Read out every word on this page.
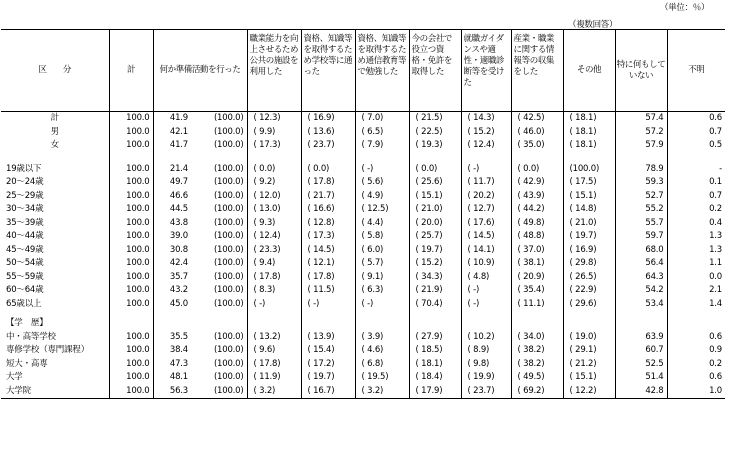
（単位：％）
（複数回答）
区　　分	計	何か準備活動を行った		職業能力を向上させるため公共の施設を利用した	資格、知識等を取得するため学校等に通った	資格、知識等を取得するため通信教育等で勉強した	今の会社で役立つ資格・免許を取得した	就職ガイダンスや適性・適職診断等を受けた	産業・職業に関する情報等の収集をした	その他	特に何もしていない	不明
計	100.0	41.9	(100.0)	( 12.3)	( 16.9)	( 7.0)	( 21.5)	( 14.3)	( 42.5)	( 18.1)	57.4	0.6
男	100.0	42.1	(100.0)	( 9.9)	( 13.6)	( 6.5)	( 22.5)	( 15.2)	( 46.0)	( 18.1)	57.2	0.7
女	100.0	41.7	(100.0)	( 17.3)	( 23.7)	( 7.9)	( 19.3)	( 12.4)	( 35.0)	( 18.1)	57.9	0.5

19歳以下	100.0	21.4	(100.0)	( 0.0)	( 0.0)	( -)	( 0.0)	( -)	( 0.0)	(100.0)	78.9	-
20～24歳	100.0	49.7	(100.0)	( 9.2)	( 17.8)	( 5.6)	( 25.6)	( 11.7)	( 42.9)	( 17.5)	59.3	0.1
25～29歳	100.0	46.6	(100.0)	( 12.0)	( 21.7)	( 4.9)	( 15.1)	( 20.2)	( 43.9)	( 15.1)	52.7	0.7
30～34歳	100.0	44.5	(100.0)	( 13.0)	( 16.6)	( 12.5)	( 21.0)	( 12.7)	( 44.2)	( 14.8)	55.2	0.2
35～39歳	100.0	43.8	(100.0)	( 9.3)	( 12.8)	( 4.4)	( 20.0)	( 17.6)	( 49.8)	( 21.0)	55.7	0.4
40～44歳	100.0	39.0	(100.0)	( 12.4)	( 17.3)	( 5.8)	( 25.7)	( 14.5)	( 48.8)	( 19.7)	59.7	1.3
45～49歳	100.0	30.8	(100.0)	( 23.3)	( 14.5)	( 6.0)	( 19.7)	( 14.1)	( 37.0)	( 16.9)	68.0	1.3
50～54歳	100.0	42.4	(100.0)	( 9.4)	( 12.1)	( 5.7)	( 15.2)	( 10.9)	( 38.1)	( 29.8)	56.4	1.1
55～59歳	100.0	35.7	(100.0)	( 17.8)	( 17.8)	( 9.1)	( 34.3)	( 4.8)	( 20.9)	( 26.5)	64.3	0.0
60～64歳	100.0	43.2	(100.0)	( 8.3)	( 11.5)	( 6.3)	( 21.9)	( -)	( 35.4)	( 22.9)	54.2	2.1
65歳以上	100.0	45.0	(100.0)	( -)	( -)	( -)	( 70.4)	( -)	( 11.1)	( 29.6)	53.4	1.4

【学　歴】												
中・高等学校	100.0	35.5	(100.0)	( 13.2)	( 13.9)	( 3.9)	( 27.9)	( 10.2)	( 34.0)	( 19.0)	63.9	0.6
専修学校（専門課程）	100.0	38.4	(100.0)	( 9.6)	( 15.4)	( 4.6)	( 18.5)	( 8.9)	( 38.2)	( 29.1)	60.7	0.9
短大・高専	100.0	47.3	(100.0)	( 17.8)	( 17.2)	( 6.8)	( 18.1)	( 9.8)	( 38.2)	( 21.2)	52.5	0.2
大学	100.0	48.1	(100.0)	( 11.9)	( 19.7)	( 19.5)	( 18.4)	( 19.9)	( 49.5)	( 15.1)	51.4	0.6
大学院	100.0	56.3	(100.0)	( 3.2)	( 16.7)	( 3.2)	( 17.9)	( 23.7)	( 69.2)	( 12.2)	42.8	1.0
